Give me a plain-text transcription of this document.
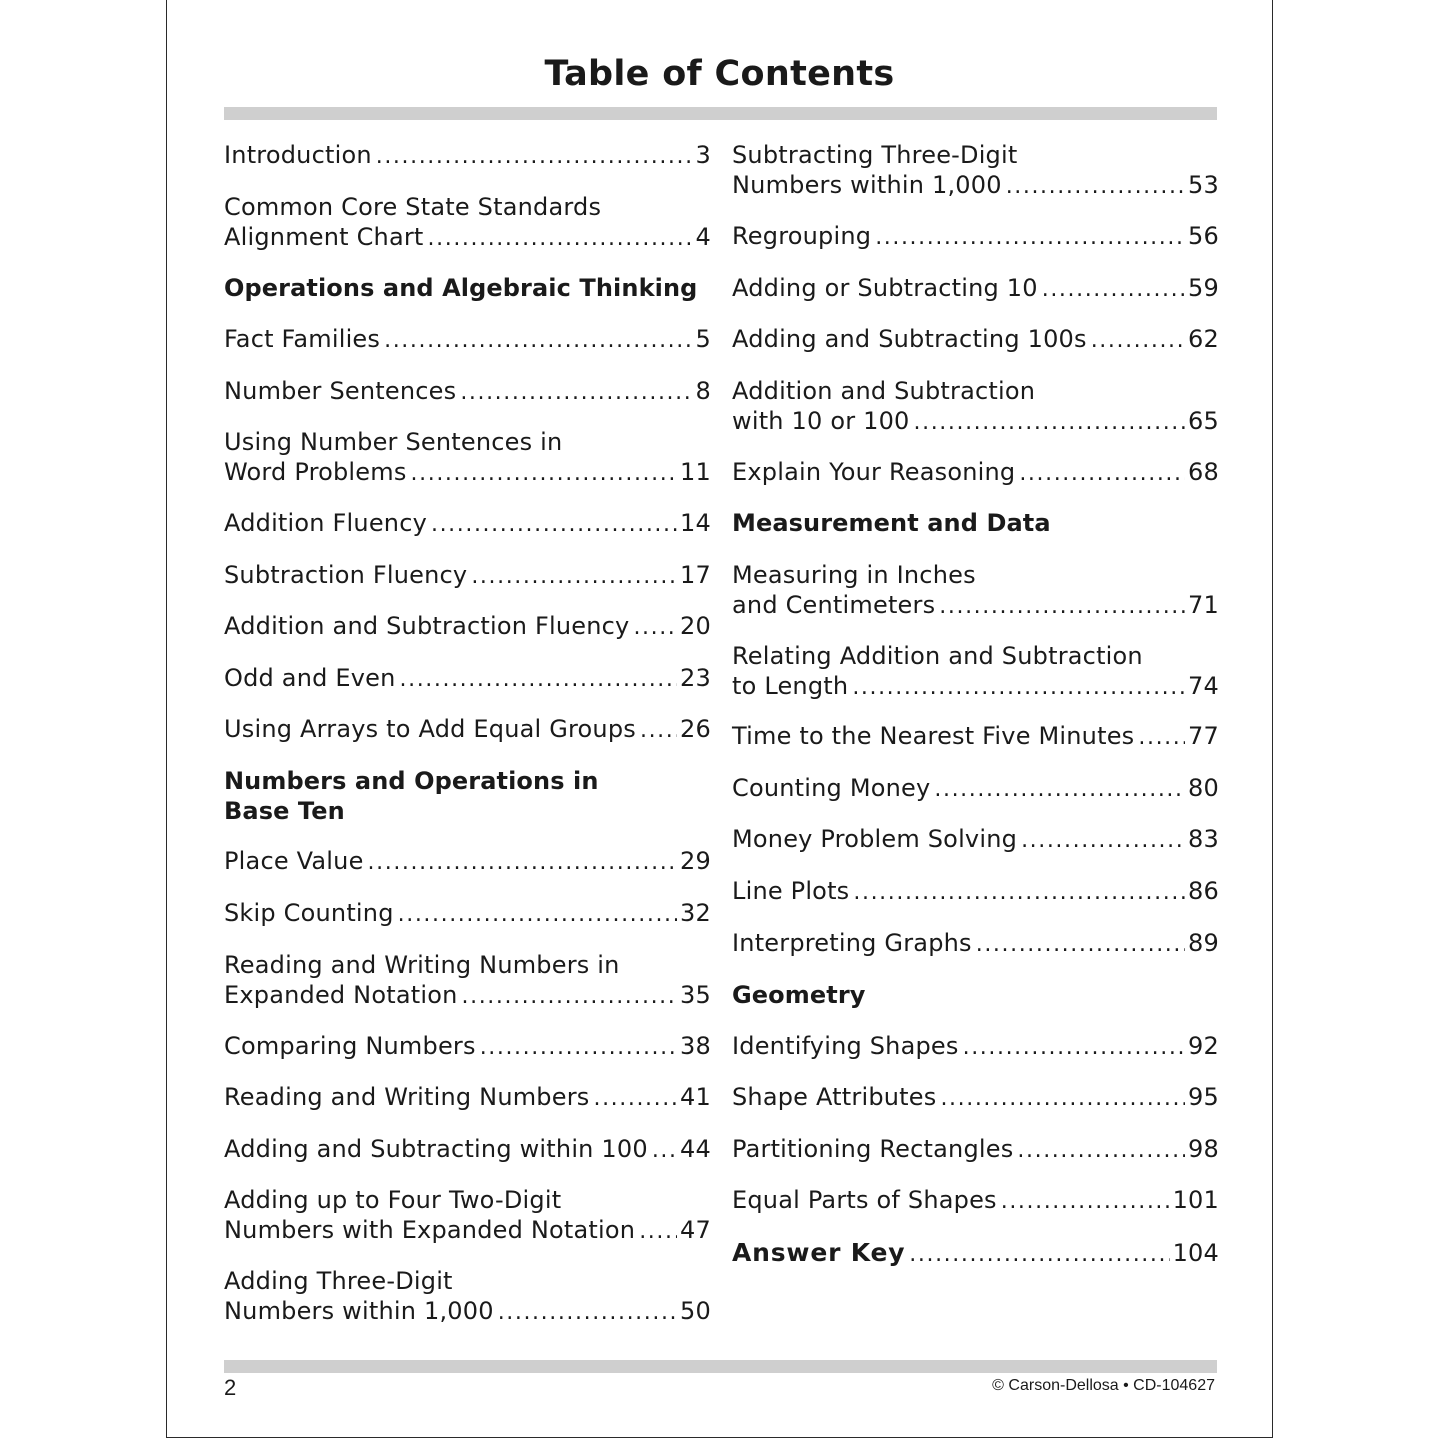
Table of Contents
Introduction .....	3
Common Core State Standards
Alignment Chart .....	4
Operations and Algebraic Thinking
Fact Families .....	5
Number Sentences .....	8
Using Number Sentences in
Word Problems .....	11
Addition Fluency .....	14
Subtraction Fluency .....	17
Addition and Subtraction Fluency ..... 20
Odd and Even .....	23
Using Arrays to Add Equal Groups ..... 26
Numbers and Operations in
Base Ten
Place Value .....	29
Skip Counting .....	32
Reading and Writing Numbers in
Expanded Notation .....	35
Comparing Numbers .....	38
Reading and Writing Numbers .....	41
Adding and Subtracting within 100 ..... 44
Adding up to Four Two-Digit
Numbers with Expanded Notation ..... 47
Adding Three-Digit
Numbers within 1,000 .....	50
Subtracting Three-Digit
Numbers within 1,000 .....	53
Regrouping .....	56
Adding or Subtracting 10 .....	59
Adding and Subtracting 100s .....	62
Addition and Subtraction
with 10 or 100 .....	65
Explain Your Reasoning .....	68
Measurement and Data
Measuring in Inches
and Centimeters .....	71
Relating Addition and Subtraction
to Length .....	74
Time to the Nearest Five Minutes ..... 77
Counting Money .....	80
Money Problem Solving .....	83
Line Plots .....	86
Interpreting Graphs .....	89
Geometry
Identifying Shapes .....	92
Shape Attributes .....	95
Partitioning Rectangles .....	98
Equal Parts of Shapes .....	101
Answer Key .....	104
2	© Carson-Dellosa • CD-104627
